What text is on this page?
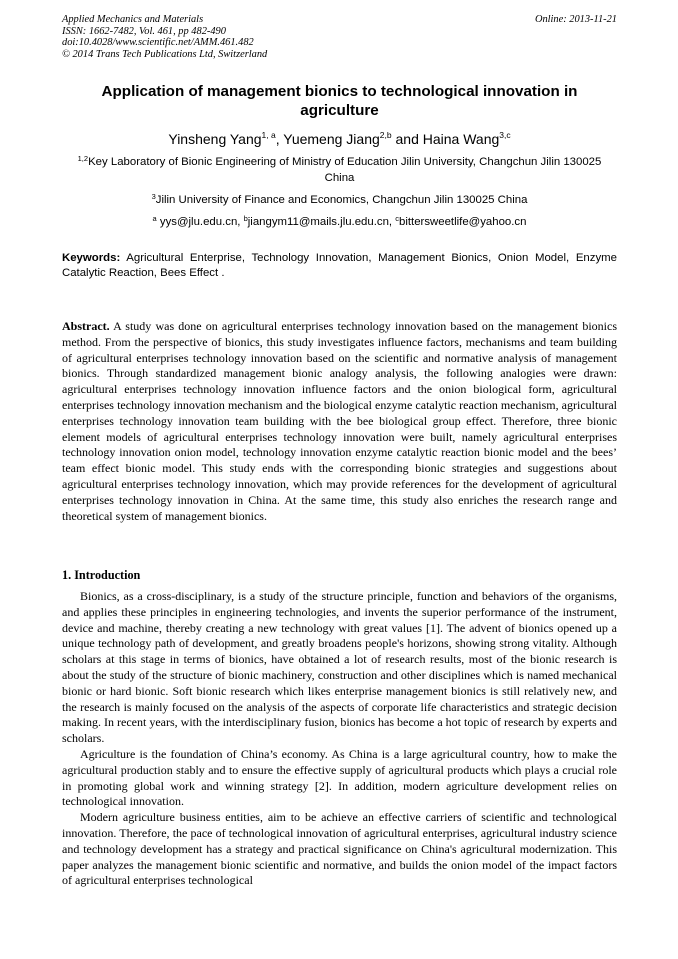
Applied Mechanics and Materials
ISSN: 1662-7482, Vol. 461, pp 482-490
doi:10.4028/www.scientific.net/AMM.461.482
© 2014 Trans Tech Publications Ltd, Switzerland
Online: 2013-11-21
Application of management bionics to technological innovation in agriculture
Yinsheng Yang$^{1, a}$, Yuemeng Jiang$^{2,b}$ and Haina Wang$^{3,c}$
$^{1,2}$Key Laboratory of Bionic Engineering of Ministry of Education Jilin University, Changchun Jilin 130025 China
$^3$Jilin University of Finance and Economics, Changchun Jilin 130025 China
$^a$ yys@jlu.edu.cn, $^b$jiangym11@mails.jlu.edu.cn, $^c$bittersweetlife@yahoo.cn
Keywords: Agricultural Enterprise, Technology Innovation, Management Bionics, Onion Model, Enzyme Catalytic Reaction, Bees Effect .
Abstract. A study was done on agricultural enterprises technology innovation based on the management bionics method. From the perspective of bionics, this study investigates influence factors, mechanisms and team building of agricultural enterprises technology innovation based on the scientific and normative analysis of management bionics. Through standardized management bionic analogy analysis, the following analogies were drawn: agricultural enterprises technology innovation influence factors and the onion biological form, agricultural enterprises technology innovation mechanism and the biological enzyme catalytic reaction mechanism, agricultural enterprises technology innovation team building with the bee biological group effect. Therefore, three bionic element models of agricultural enterprises technology innovation were built, namely agricultural enterprises technology innovation onion model, technology innovation enzyme catalytic reaction bionic model and the bees’ team effect bionic model. This study ends with the corresponding bionic strategies and suggestions about agricultural enterprises technology innovation, which may provide references for the development of agricultural enterprises technology innovation in China. At the same time, this study also enriches the research range and theoretical system of management bionics.
1. Introduction

Bionics, as a cross-disciplinary, is a study of the structure principle, function and behaviors of the organisms, and applies these principles in engineering technologies, and invents the superior performance of the instrument, device and machine, thereby creating a new technology with great values [1]. The advent of bionics opened up a unique technology path of development, and greatly broadens people's horizons, showing strong vitality. Although scholars at this stage in terms of bionics, have obtained a lot of research results, most of the bionic research is about the study of the structure of bionic machinery, construction and other disciplines which is named mechanical bionic or hard bionic. Soft bionic research which likes enterprise management bionics is still relatively new, and the research is mainly focused on the analysis of the aspects of corporate life characteristics and strategic decision making. In recent years, with the interdisciplinary fusion, bionics has become a hot topic of research by experts and scholars.

Agriculture is the foundation of China’s economy. As China is a large agricultural country, how to make the agricultural production stably and to ensure the effective supply of agricultural products which plays a crucial role in promoting global work and winning strategy [2]. In addition, modern agriculture development relies on technological innovation.

Modern agriculture business entities, aim to be achieve an effective carriers of scientific and technological innovation. Therefore, the pace of technological innovation of agricultural enterprises, agricultural industry science and technology development has a strategy and practical significance on China's agricultural modernization. This paper analyzes the management bionic scientific and normative, and builds the onion model of the impact factors of agricultural enterprises technological
